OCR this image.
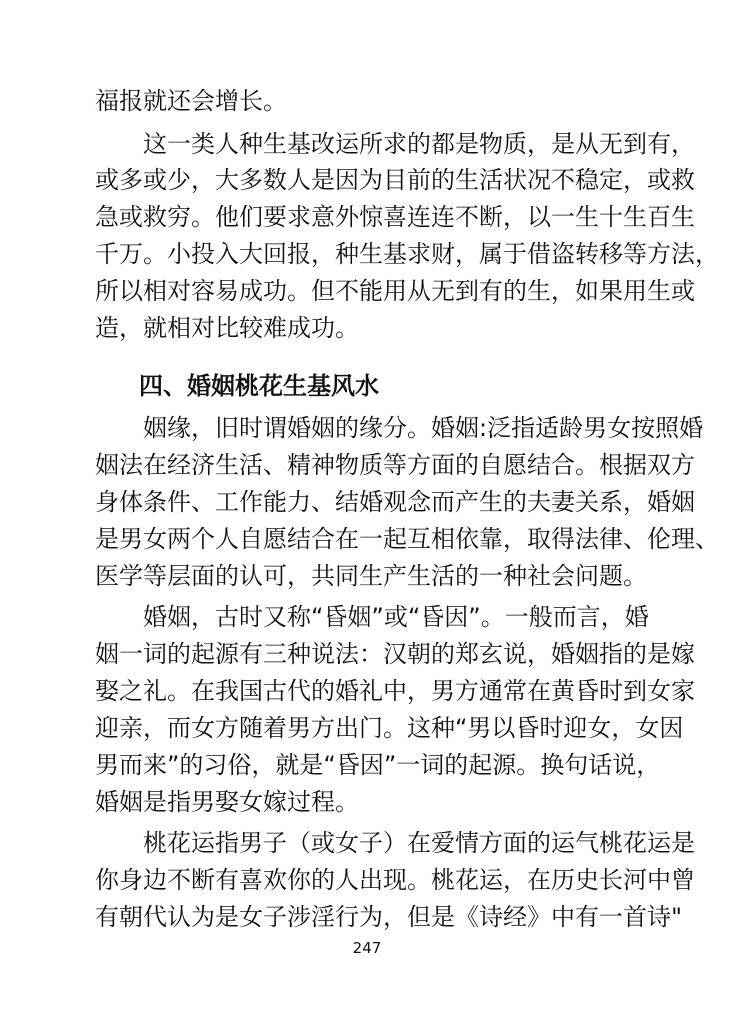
福报就还会增长。
这一类人种生基改运所求的都是物质，是从无到有，
或多或少，大多数人是因为目前的生活状况不稳定，或救
急或救穷。他们要求意外惊喜连连不断，以一生十生百生
千万。小投入大回报，种生基求财，属于借盗转移等方法，
所以相对容易成功。但不能用从无到有的生，如果用生或
造，就相对比较难成功。
四、婚姻桃花生基风水
姻缘，旧时谓婚姻的缘分。婚姻:泛指适龄男女按照婚
姻法在经济生活、精神物质等方面的自愿结合。根据双方
身体条件、工作能力、结婚观念而产生的夫妻关系，婚姻
是男女两个人自愿结合在一起互相依靠，取得法律、伦理、
医学等层面的认可，共同生产生活的一种社会问题。
婚姻，古时又称“昏姻”或“昏因”。一般而言，婚
姻一词的起源有三种说法：汉朝的郑玄说，婚姻指的是嫁
娶之礼。在我国古代的婚礼中，男方通常在黄昏时到女家
迎亲，而女方随着男方出门。这种“男以昏时迎女，女因
男而来”的习俗，就是“昏因”一词的起源。换句话说，
婚姻是指男娶女嫁过程。
桃花运指男子（或女子）在爱情方面的运气桃花运是
你身边不断有喜欢你的人出现。桃花运，在历史长河中曾
有朝代认为是女子涉淫行为，但是《诗经》中有一首诗"
247
